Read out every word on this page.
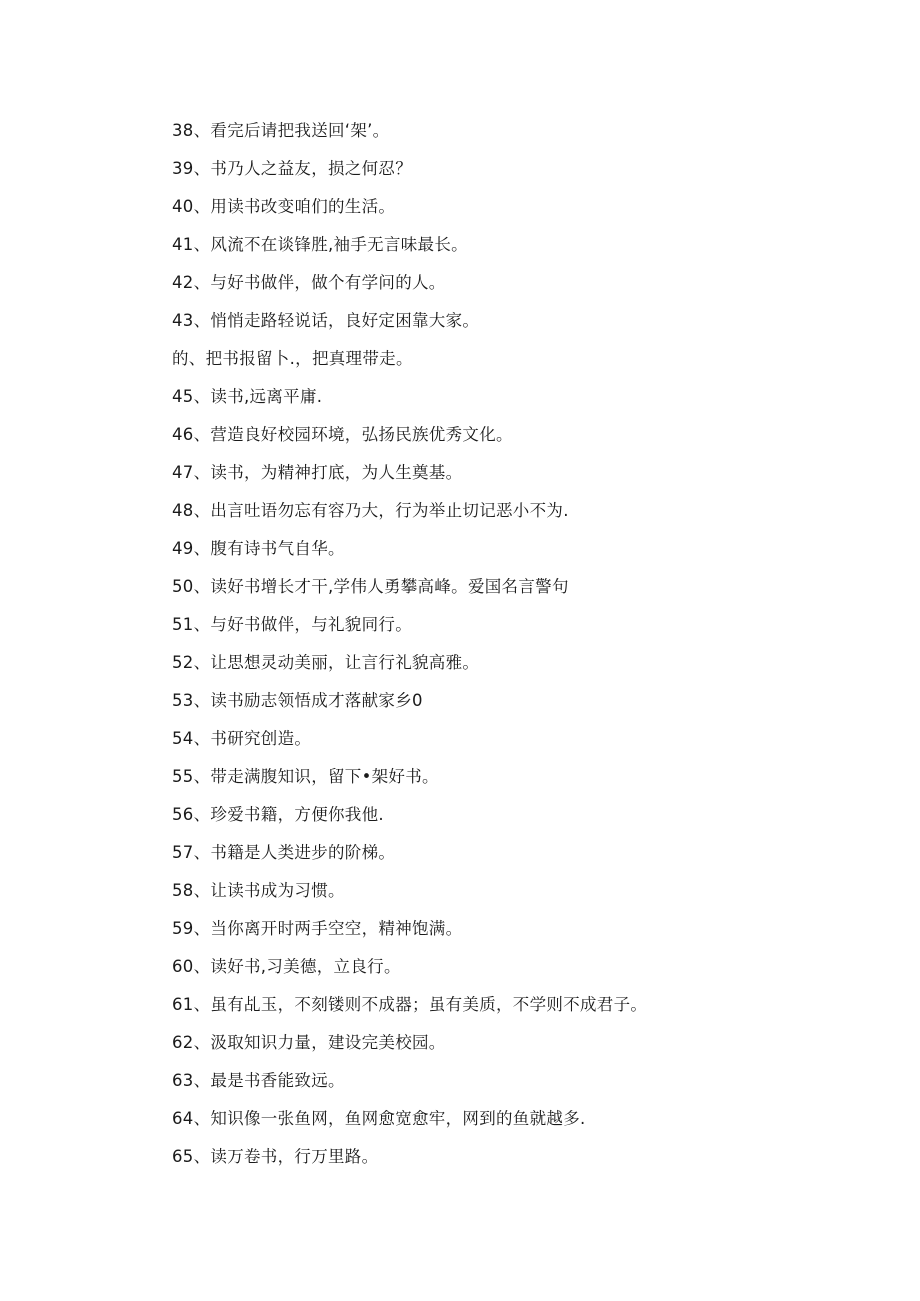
38、看完后请把我送回‘架’。
39、书乃人之益友，损之何忍？
40、用读书改变咱们的生活。
41、风流不在谈锋胜,袖手无言味最长。
42、与好书做伴，做个有学问的人。
43、悄悄走路轻说话，良好定困靠大家。
的、把书报留卜.，把真理带走。
45、读书,远离平庸.
46、营造良好校园环境，弘扬民族优秀文化。
47、读书，为精神打底，为人生奠基。
48、出言吐语勿忘有容乃大，行为举止切记恶小不为.
49、腹有诗书气自华。
50、读好书增长才干,学伟人勇攀高峰。爱国名言警句
51、与好书做伴，与礼貌同行。
52、让思想灵动美丽，让言行礼貌高雅。
53、读书励志领悟成才落献家乡0
54、书研究创造。
55、带走满腹知识，留下•架好书。
56、珍爱书籍，方便你我他.
57、书籍是人类进步的阶梯。
58、让读书成为习惯。
59、当你离开时两手空空，精神饱满。
60、读好书,习美德，立良行。
61、虽有乩玉，不刻镂则不成器；虽有美质，不学则不成君子。
62、汲取知识力量，建设完美校园。
63、最是书香能致远。
64、知识像一张鱼网，鱼网愈宽愈牢，网到的鱼就越多.
65、读万卷书，行万里路。
